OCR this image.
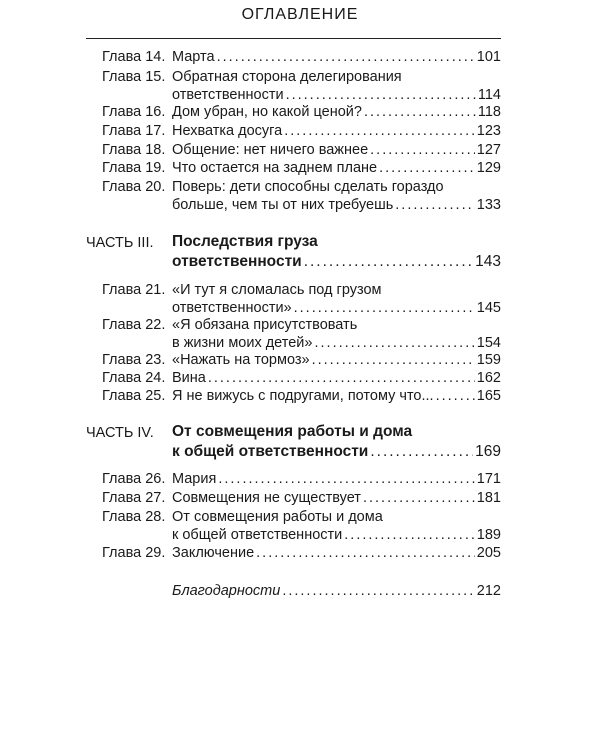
ОГЛАВЛЕНИЕ
Глава 14. Марта .....	101
Глава 15. Обратная сторона делегирования
ответственности .....	114
Глава 16. Дом убран, но какой ценой? .....	118
Глава 17. Нехватка досуга .....	123
Глава 18. Общение: нет ничего важнее .....	127
Глава 19. Что остается на заднем плане .....	129
Глава 20. Поверь: дети способны сделать гораздо
больше, чем ты от них требуешь .....	133
ЧАСТЬ III. Последствия груза
ответственности .....	143
Глава 21. «И тут я сломалась под грузом
ответственности» .....	145
Глава 22. «Я обязана присутствовать
в жизни моих детей» .....	154
Глава 23. «Нажать на тормоз» .....	159
Глава 24. Вина .....	162
Глава 25. Я не вижусь с подругами, потому что... .....	165
ЧАСТЬ IV. От совмещения работы и дома
к общей ответственности .....	169
Глава 26. Мария .....	171
Глава 27. Совмещения не существует .....	181
Глава 28. От совмещения работы и дома
к общей ответственности .....	189
Глава 29. Заключение .....	205
Благодарности .....	212
